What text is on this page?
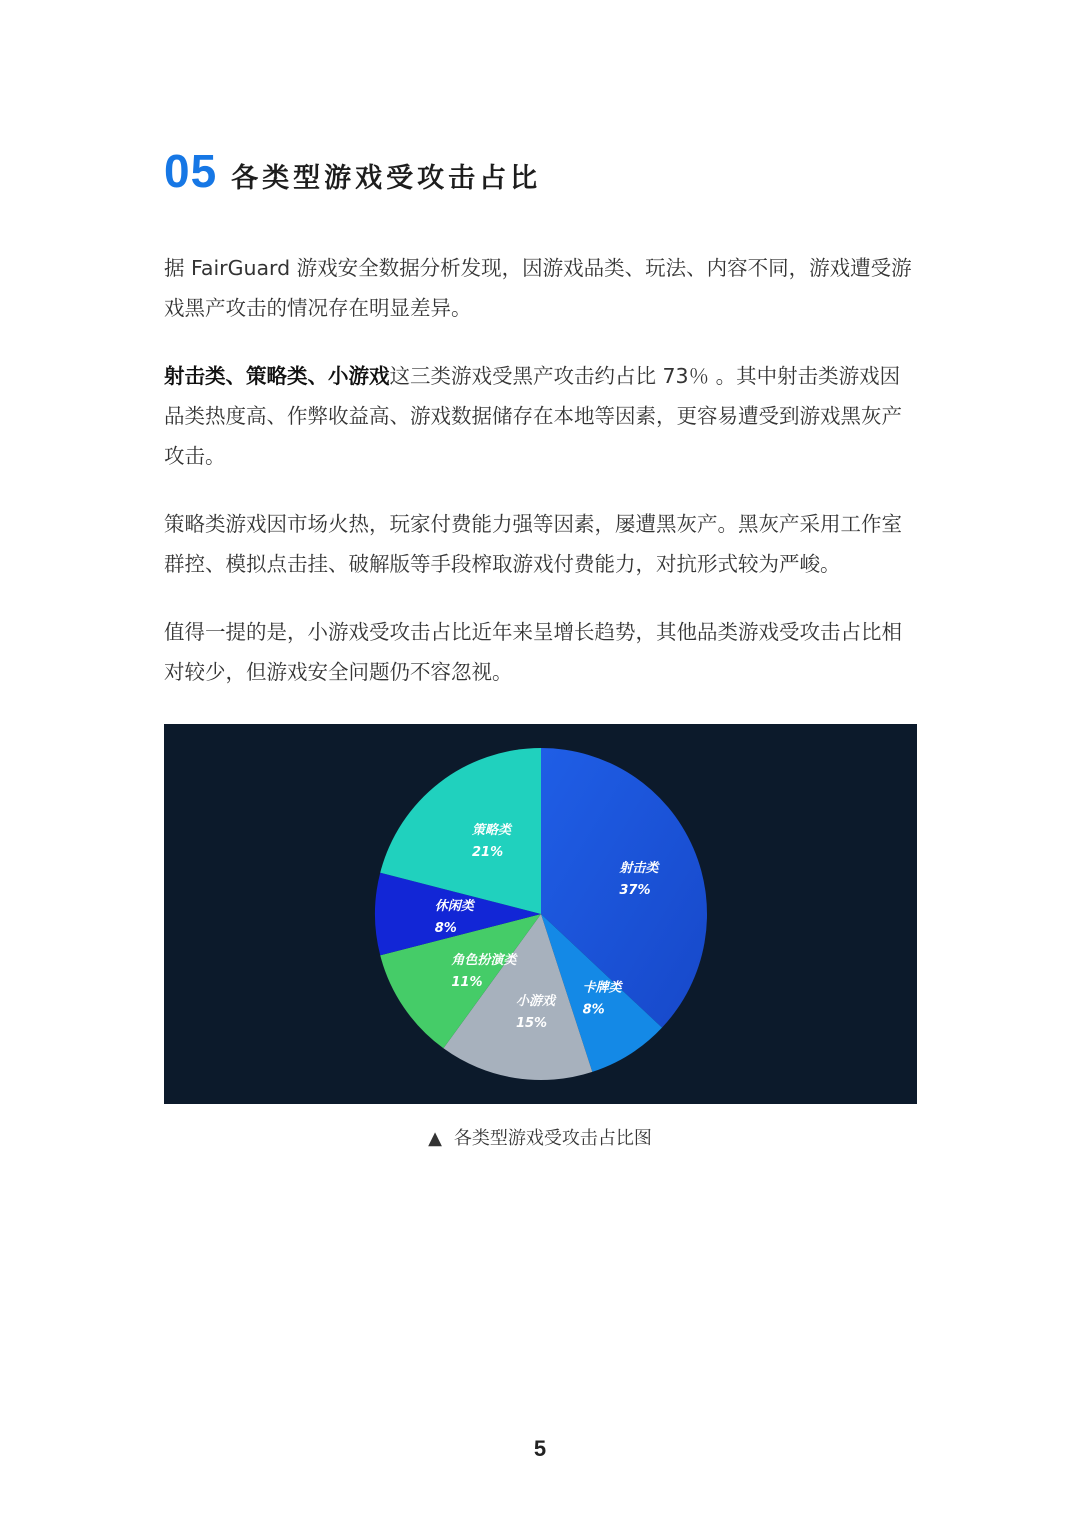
05 各类型游戏受攻击占比

据 FairGuard 游戏安全数据分析发现，因游戏品类、玩法、内容不同，游戏遭受游戏黑产攻击的情况存在明显差异。

射击类、策略类、小游戏这三类游戏受黑产攻击约占比 73％ 。其中射击类游戏因品类热度高、作弊收益高、游戏数据储存在本地等因素，更容易遭受到游戏黑灰产攻击。

策略类游戏因市场火热，玩家付费能力强等因素，屡遭黑灰产。黑灰产采用工作室群控、模拟点击挂、破解版等手段榨取游戏付费能力，对抗形式较为严峻。

值得一提的是，小游戏受攻击占比近年来呈增长趋势，其他品类游戏受攻击占比相对较少，但游戏安全问题仍不容忽视。

射击类
37%
卡牌类
8%
小游戏
15%
角色扮演类
11%
休闲类
8%
策略类
21%
▲ 各类型游戏受攻击占比图
5
